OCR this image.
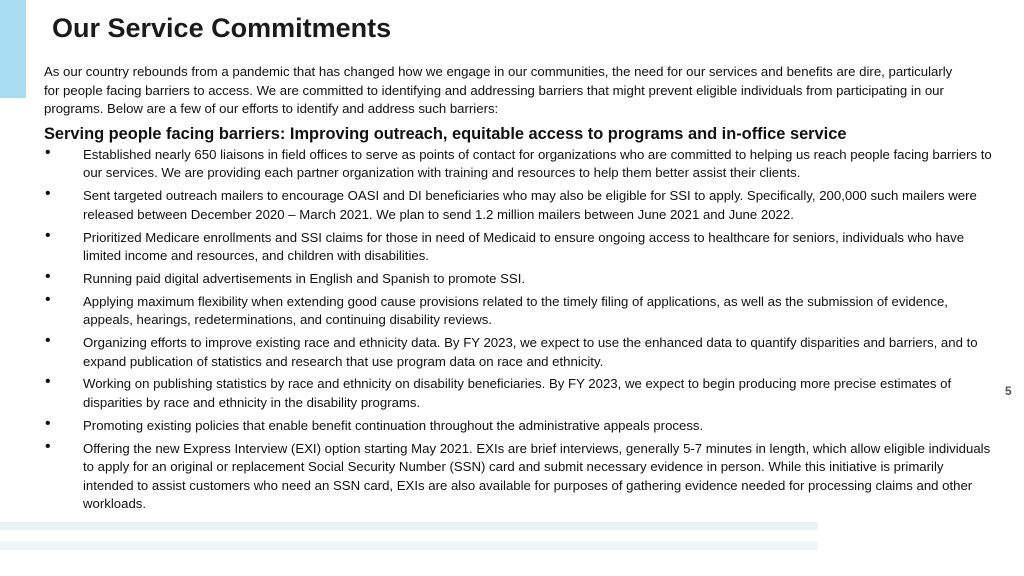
Our Service Commitments

As our country rebounds from a pandemic that has changed how we engage in our communities, the need for our services and benefits are dire, particularly for people facing barriers to access. We are committed to identifying and addressing barriers that might prevent eligible individuals from participating in our programs. Below are a few of our efforts to identify and address such barriers:

Serving people facing barriers: Improving outreach, equitable access to programs and in-office service
• Established nearly 650 liaisons in field offices to serve as points of contact for organizations who are committed to helping us reach people facing barriers to our services. We are providing each partner organization with training and resources to help them better assist their clients.
• Sent targeted outreach mailers to encourage OASI and DI beneficiaries who may also be eligible for SSI to apply. Specifically, 200,000 such mailers were released between December 2020 – March 2021. We plan to send 1.2 million mailers between June 2021 and June 2022.
• Prioritized Medicare enrollments and SSI claims for those in need of Medicaid to ensure ongoing access to healthcare for seniors, individuals who have limited income and resources, and children with disabilities.
• Running paid digital advertisements in English and Spanish to promote SSI.
• Applying maximum flexibility when extending good cause provisions related to the timely filing of applications, as well as the submission of evidence, appeals, hearings, redeterminations, and continuing disability reviews.
• Organizing efforts to improve existing race and ethnicity data. By FY 2023, we expect to use the enhanced data to quantify disparities and barriers, and to expand publication of statistics and research that use program data on race and ethnicity.
• Working on publishing statistics by race and ethnicity on disability beneficiaries. By FY 2023, we expect to begin producing more precise estimates of disparities by race and ethnicity in the disability programs.
• Promoting existing policies that enable benefit continuation throughout the administrative appeals process.
• Offering the new Express Interview (EXI) option starting May 2021. EXIs are brief interviews, generally 5-7 minutes in length, which allow eligible individuals to apply for an original or replacement Social Security Number (SSN) card and submit necessary evidence in person. While this initiative is primarily intended to assist customers who need an SSN card, EXIs are also available for purposes of gathering evidence needed for processing claims and other workloads.
5
